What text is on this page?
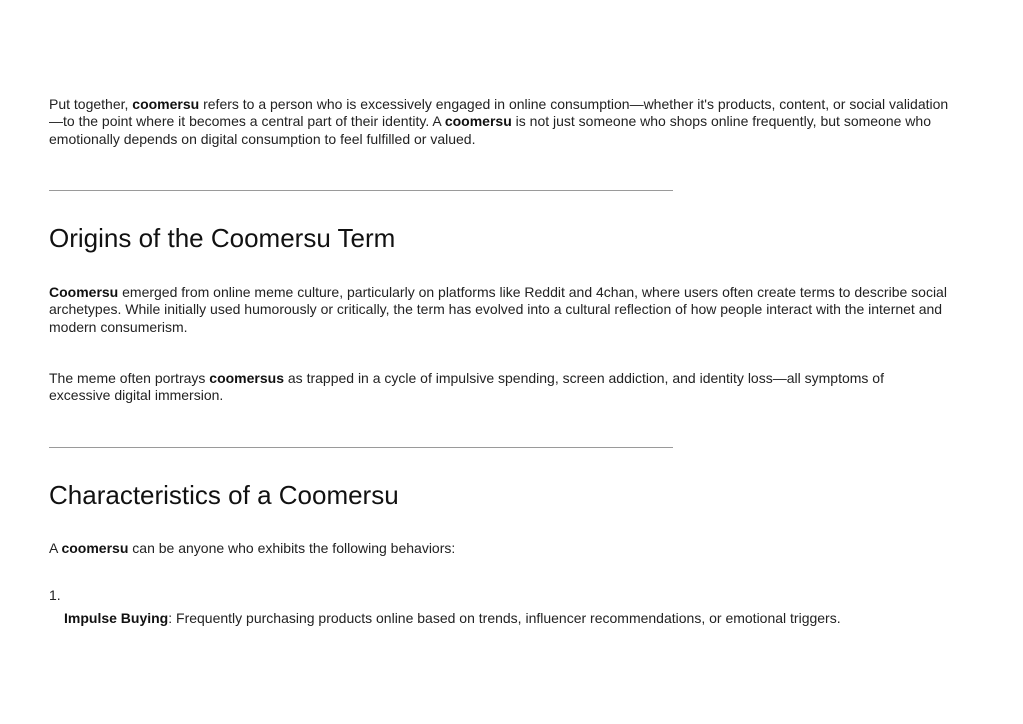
Put together, coomersu refers to a person who is excessively engaged in online consumption—whether it's products, content, or social validation—to the point where it becomes a central part of their identity. A coomersu is not just someone who shops online frequently, but someone who emotionally depends on digital consumption to feel fulfilled or valued.

Origins of the Coomersu Term

Coomersu emerged from online meme culture, particularly on platforms like Reddit and 4chan, where users often create terms to describe social archetypes. While initially used humorously or critically, the term has evolved into a cultural reflection of how people interact with the internet and modern consumerism.

The meme often portrays coomersus as trapped in a cycle of impulsive spending, screen addiction, and identity loss—all symptoms of excessive digital immersion.

Characteristics of a Coomersu

A coomersu can be anyone who exhibits the following behaviors:

1.
Impulse Buying: Frequently purchasing products online based on trends, influencer recommendations, or emotional triggers.
